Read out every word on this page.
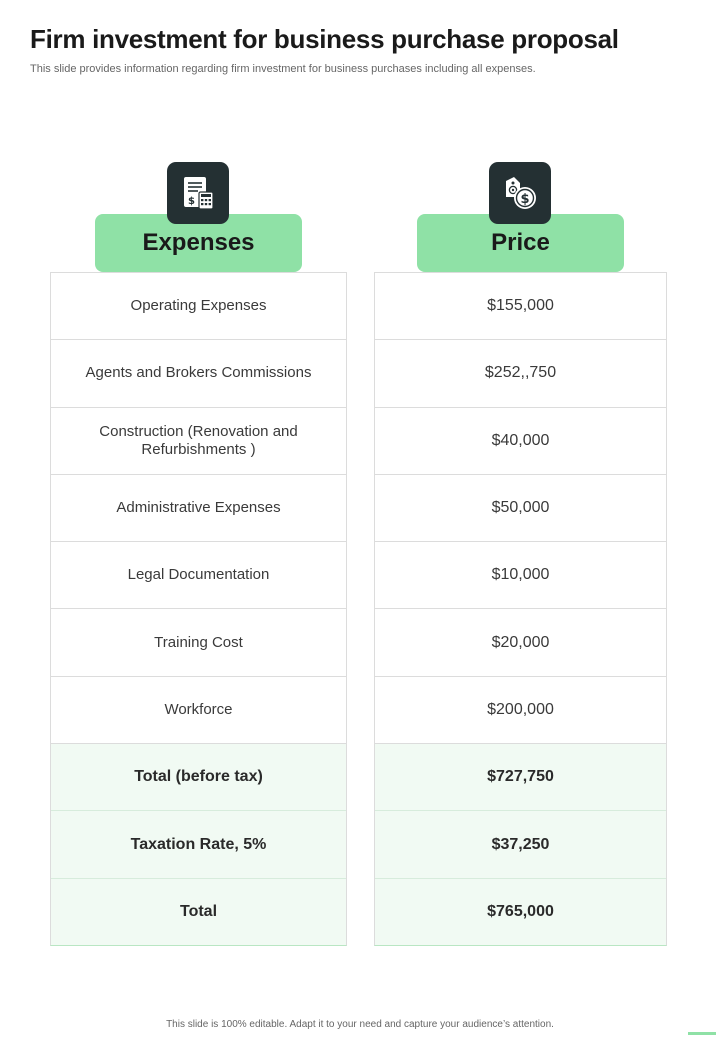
Firm investment for business purchase proposal

This slide provides information regarding firm investment for business purchases including all expenses.

$
Expenses
$
Price
Operating Expenses
Agents and Brokers Commissions
Construction (Renovation and Refurbishments )
Administrative Expenses
Legal Documentation
Training Cost
Workforce
Total (before tax)
Taxation Rate, 5%
Total
$155,000
$252,,750
$40,000
$50,000
$10,000
$20,000
$200,000
$727,750
$37,250
$765,000

This slide is 100% editable. Adapt it to your need and capture your audience’s attention.
